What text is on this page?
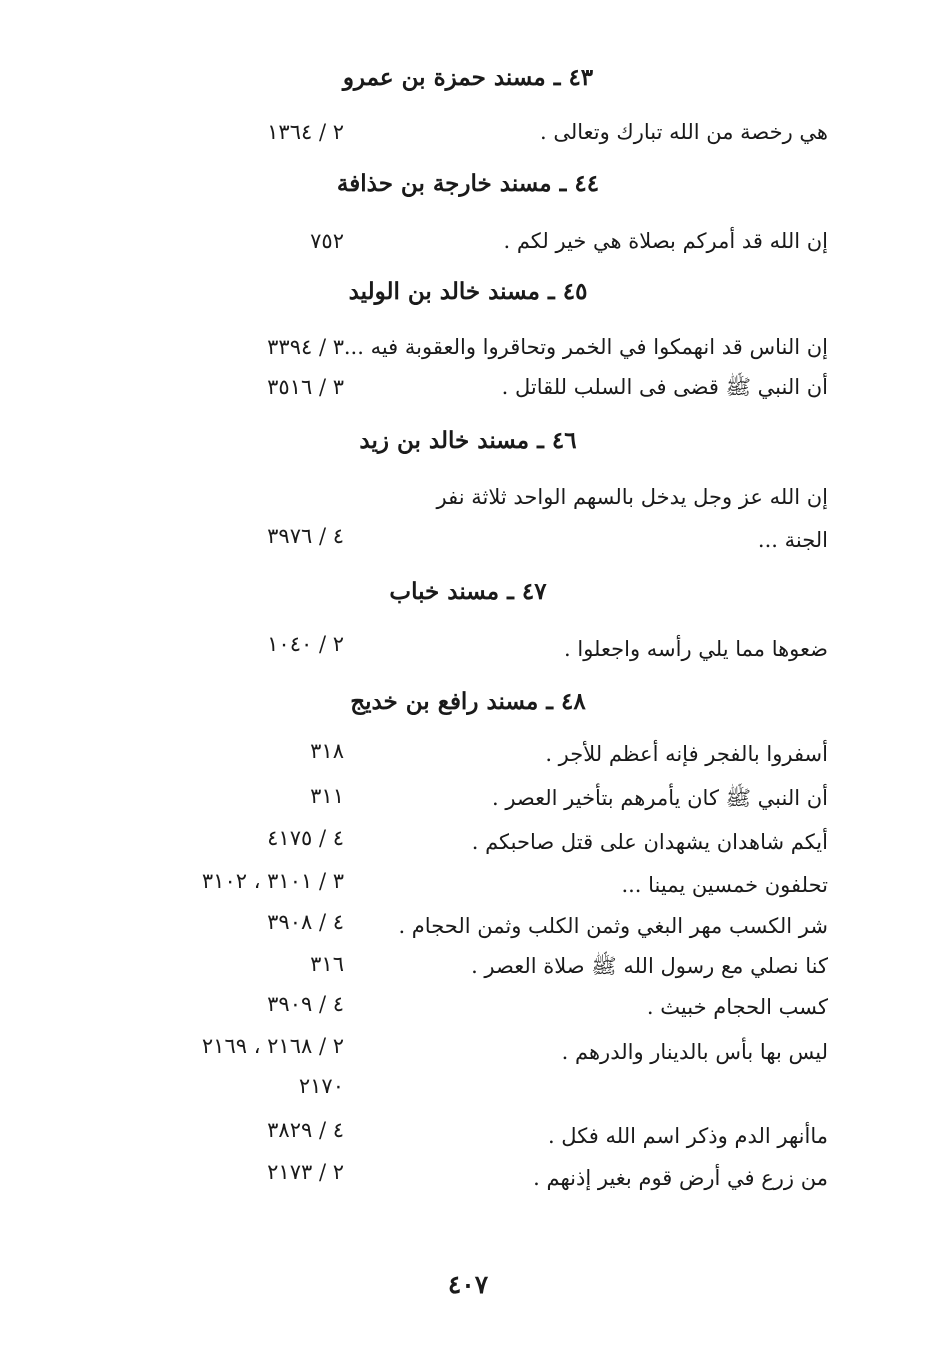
٤٣ ـ مسند حمزة بن عمرو
هي رخصة من الله تبارك وتعالى .
٢ / ١٣٦٤
٤٤ ـ مسند خارجة بن حذافة
إن الله قد أمركم بصلاة هي خير لكم .
٧٥٢
٤٥ ـ مسند خالد بن الوليد
إن الناس قد انهمكوا في الخمر وتحاقروا والعقوبة فيه ...
٣ / ٣٣٩٤
أن النبي ﷺ قضى فى السلب للقاتل .
٣ / ٣٥١٦
٤٦ ـ مسند خالد بن زيد
إن الله عز وجل يدخل بالسهم الواحد ثلاثة نفر
الجنة ...
٤ / ٣٩٧٦
٤٧ ـ مسند خباب
ضعوها مما يلي رأسه واجعلوا .
٢ / ١٠٤٠
٤٨ ـ مسند رافع بن خديج
أسفروا بالفجر فإنه أعظم للأجر .
٣١٨
أن النبي ﷺ كان يأمرهم بتأخير العصر .
٣١١
أيكم شاهدان يشهدان على قتل صاحبكم .
٤ / ٤١٧٥
تحلفون خمسين يمينا ...
٣ / ٣١٠١ ، ٣١٠٢
شر الكسب مهر البغي وثمن الكلب وثمن الحجام .
٤ / ٣٩٠٨
كنا نصلي مع رسول الله ﷺ صلاة العصر .
٣١٦
كسب الحجام خبيث .
٤ / ٣٩٠٩
ليس بها بأس بالدينار والدرهم .
٢ / ٢١٦٨ ، ٢١٦٩
٢١٧٠
ماأنهر الدم وذكر اسم الله فكل .
٤ / ٣٨٢٩
من زرع في أرض قوم بغير إذنهم .
٢ / ٢١٧٣
٤٠٧
